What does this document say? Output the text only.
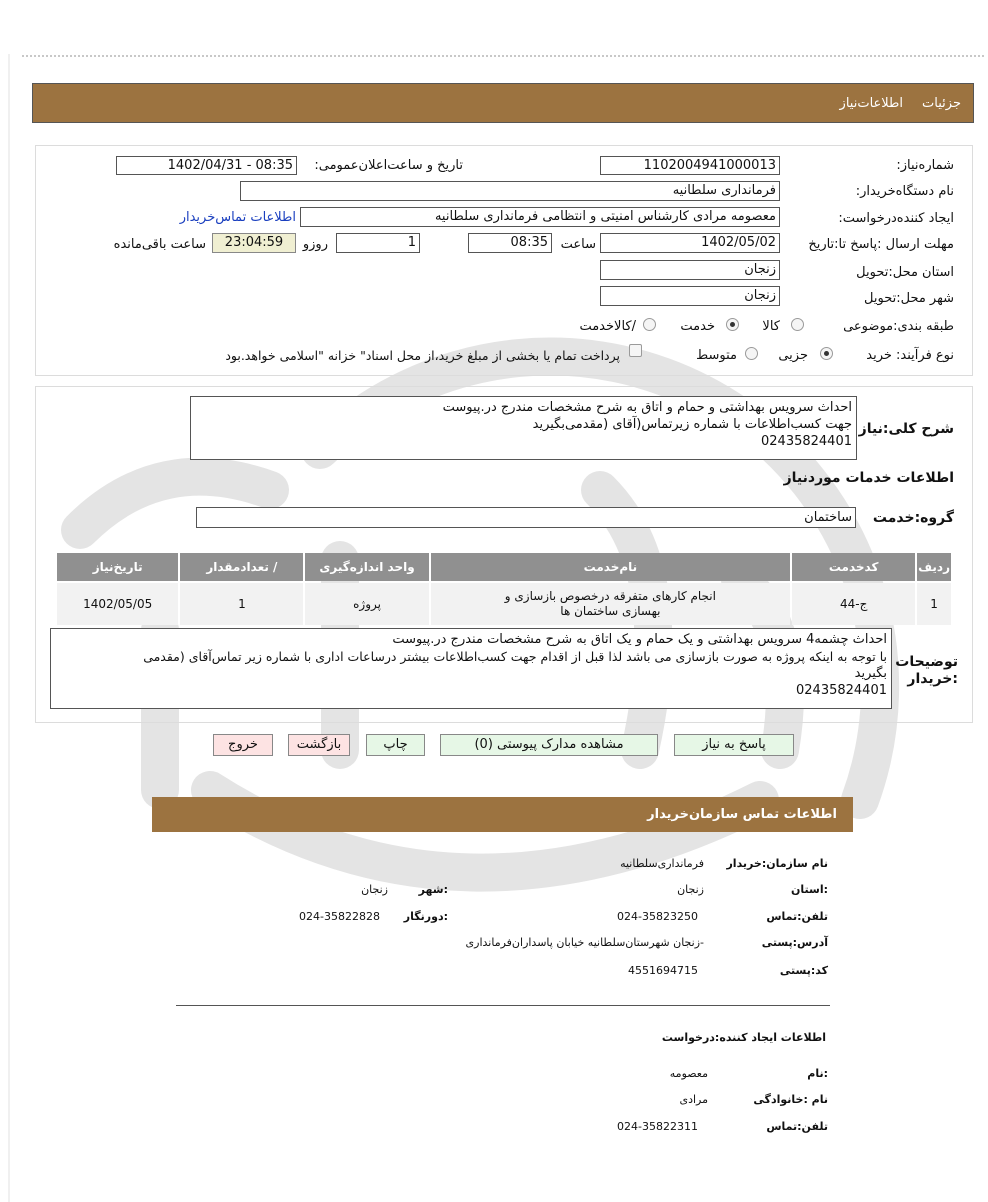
جزئیات
اطلاعات‌نیاز
شماره‌نیاز:
1102004941000013
تاریخ و ساعت‌اعلان‌عمومی:
1402/04/31 - 08:35
نام دستگاه‌خریدار:
فرمانداری سلطانیه
ایجاد کننده‌درخواست:
معصومه مرادی کارشناس امنیتی و انتظامی فرمانداری سلطانیه
اطلاعات تماس‌خریدار
مهلت ارسال :پاسخ تا:تاریخ
1402/05/02
ساعت
08:35
1
روزو
23:04:59
ساعت باقی‌مانده
استان محل:تحویل
زنجان
شهر محل:تحویل
زنجان
طبقه بندی:موضوعی
کالا
خدمت
/کالاخدمت
نوع فرآیند: خرید
جزیی
متوسط
پرداخت تمام یا بخشی از مبلغ خرید،از محل اسناد" خزانه "اسلامی خواهد.بود
شرح کلی:نیاز
احداث سرویس بهداشتی و حمام و اتاق به شرح مشخصات مندرج در.پیوست
جهت کسب‌اطلاعات با شماره زیرتماس(آقای (مقدمی‌بگیرید
02435824401
اطلاعات خدمات موردنیاز
گروه:خدمت
ساختمان
ردیف	کدخدمت	نام‌خدمت	واحد اندازه‌گیری	/ تعدادمقدار	تاریخ‌نیاز
1	ج-44	انجام کارهای متفرقه درخصوص بازسازی و
بهسازی ساختمان ها	پروژه	1	1402/05/05
توضیحات
:خریدار
احداث چشمه4 سرویس بهداشتی و یک حمام و یک اتاق به شرح مشخصات مندرج در.پیوست
با توجه به اینکه پروژه به صورت بازسازی می باشد لذا قبل از اقدام جهت کسب‌اطلاعات بیشتر درساعات اداری با شماره زیر تماس‌آقای (مقدمی
بگیرید
02435824401
پاسخ به نیاز
مشاهده مدارک پیوستی (0)
چاپ
بازگشت
خروج
اطلاعات تماس سازمان‌خریدار
نام سازمان:خریدار
فرمانداری‌سلطانیه
:استان
زنجان
:شهر
زنجان
تلفن:تماس
024-35823250
:دورنگار
024-35822828
آدرس:پستی
-زنجان شهرستان‌سلطانیه خیابان پاسداران‌فرمانداری
کد:پستی
4551694715
اطلاعات ایجاد کننده:درخواست
:نام
معصومه
نام :خانوادگی
مرادی
تلفن:تماس
024-35822311
